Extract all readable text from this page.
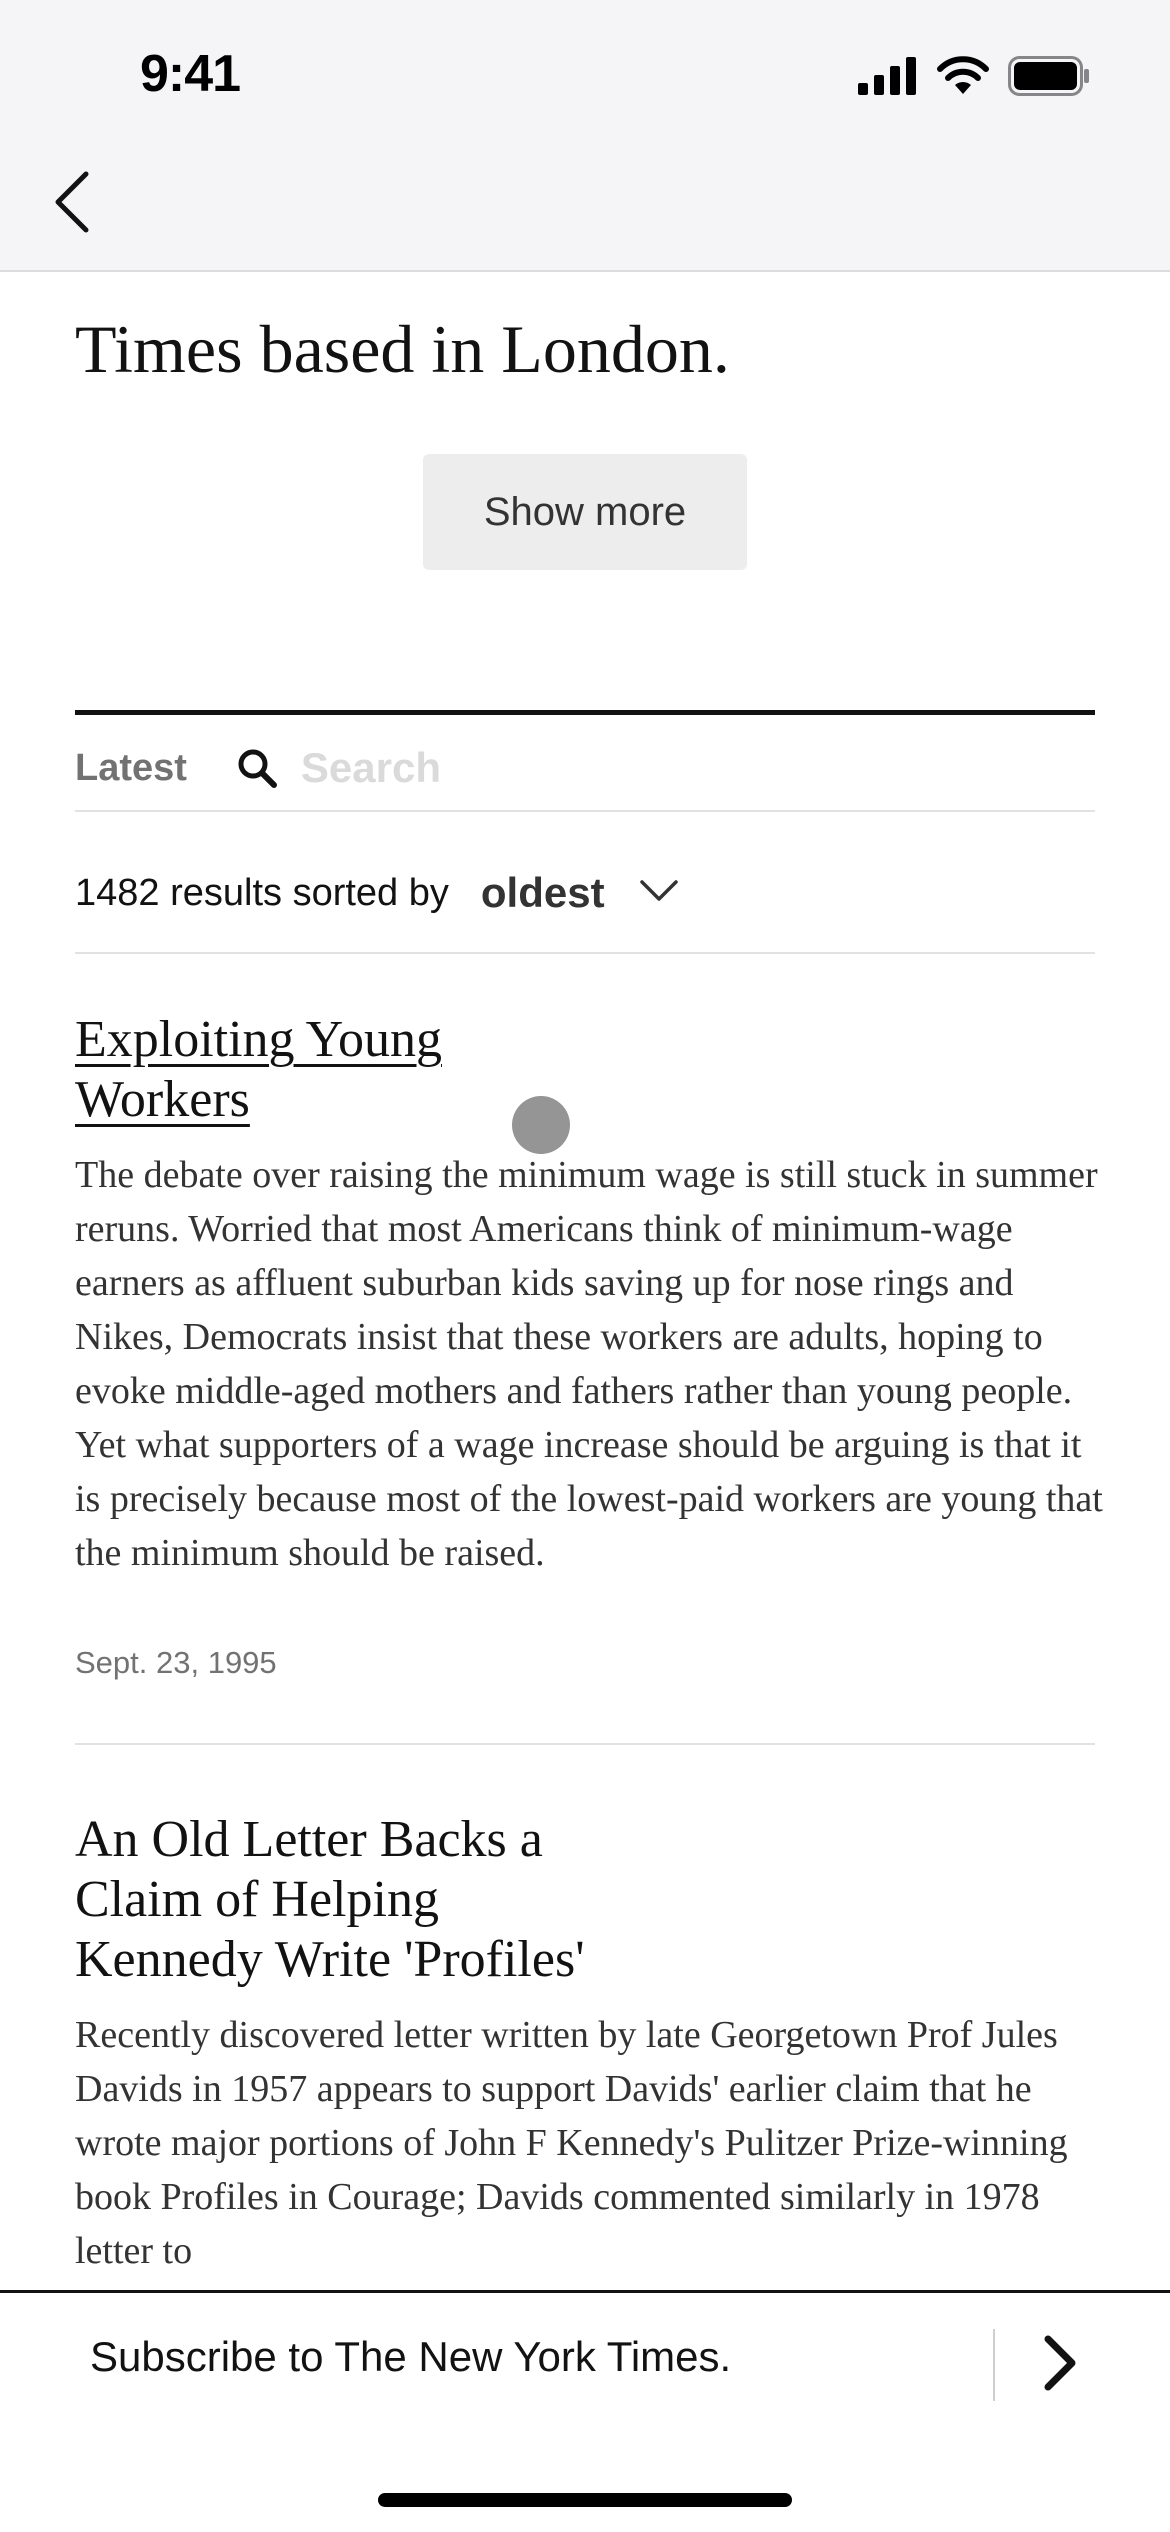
Times based in London.
Show more
Latest
Search
1482 results sorted by oldest
Exploiting Young
Workers
The debate over raising the minimum wage is still stuck in summer reruns. Worried that most Americans think of minimum-wage earners as affluent suburban kids saving up for nose rings and Nikes, Democrats insist that these workers are adults, hoping to evoke middle-aged mothers and fathers rather than young people. Yet what supporters of a wage increase should be arguing is that it is precisely because most of the lowest-paid workers are young that the minimum should be raised.
Sept. 23, 1995
An Old Letter Backs a
Claim of Helping
Kennedy Write 'Profiles'
Recently discovered letter written by late Georgetown Prof Jules Davids in 1957 appears to support Davids' earlier claim that he wrote major portions of John F Kennedy's Pulitzer Prize-winning book Profiles in Courage; Davids commented similarly in 1978 letter to
9:41
Subscribe to The New York Times.
